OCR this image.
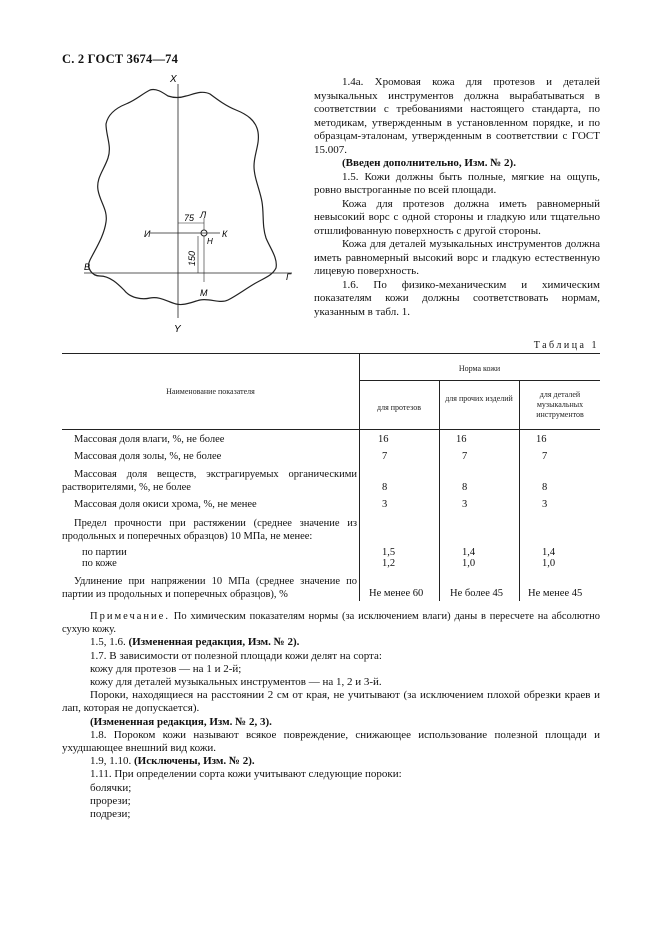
С. 2 ГОСТ 3674—74
X
Y
И	К
В
Г
Л
М
Н
75
150

1.4а. Хромовая кожа для протезов и деталей музыкальных инструментов должна вырабатываться в соответствии с требованиями настоящего стандарта, по методикам, утвержденным в установленном порядке, и по образцам-эталонам, утвержденным в соответствии с ГОСТ 15.007.

(Введен дополнительно, Изм. № 2).

1.5. Кожи должны быть полные, мягкие на ощупь, ровно выстроганные по всей площади.

Кожа для протезов должна иметь равномерный невысокий ворс с одной стороны и гладкую или тщательно отшлифованную поверхность с другой стороны.

Кожа для деталей музыкальных инструментов должна иметь равномерный высокий ворс и гладкую естественную лицевую поверхность.

1.6. По физико-механическим и химическим показателям кожи должны соответствовать нормам, указанным в табл. 1.

Таблица 1
Наименование показателя
Норма кожи
для протезов
для прочих изделий	для деталей музыкальных инструментов
Массовая доля влаги, %, не более	16	16	16
Массовая доля золы, %, не более	7	7	7
Массовая доля веществ, экстрагируемых органическими растворителями, %, не более	8	8	8
Массовая доля окиси хрома, %, не менее	3	3	3
Предел прочности при растяжении (среднее значение из продольных и поперечных образцов) 10 МПа, не менее:
по партии	1,5	1,4	1,4
по коже	1,2	1,0	1,0
Удлинение при напряжении 10 МПа (среднее значение по партии из продольных и поперечных образцов), %	Не менее 60	Не более 45 Не менее 45

Примечание. По химическим показателям нормы (за исключением влаги) даны в пересчете на абсолютно сухую кожу.

1.5, 1.6. (Измененная редакция, Изм. № 2).

1.7. В зависимости от полезной площади кожи делят на сорта:

кожу для протезов — на 1 и 2-й;

кожу для деталей музыкальных инструментов — на 1, 2 и 3-й.

Пороки, находящиеся на расстоянии 2 см от края, не учитывают (за исключением плохой обрезки краев и лап, которая не допускается).

(Измененная редакция, Изм. № 2, 3).

1.8. Пороком кожи называют всякое повреждение, снижающее использование полезной площади и ухудшающее внешний вид кожи.

1.9, 1.10. (Исключены, Изм. № 2).

1.11. При определении сорта кожи учитывают следующие пороки:

болячки;

прорези;

подрези;
